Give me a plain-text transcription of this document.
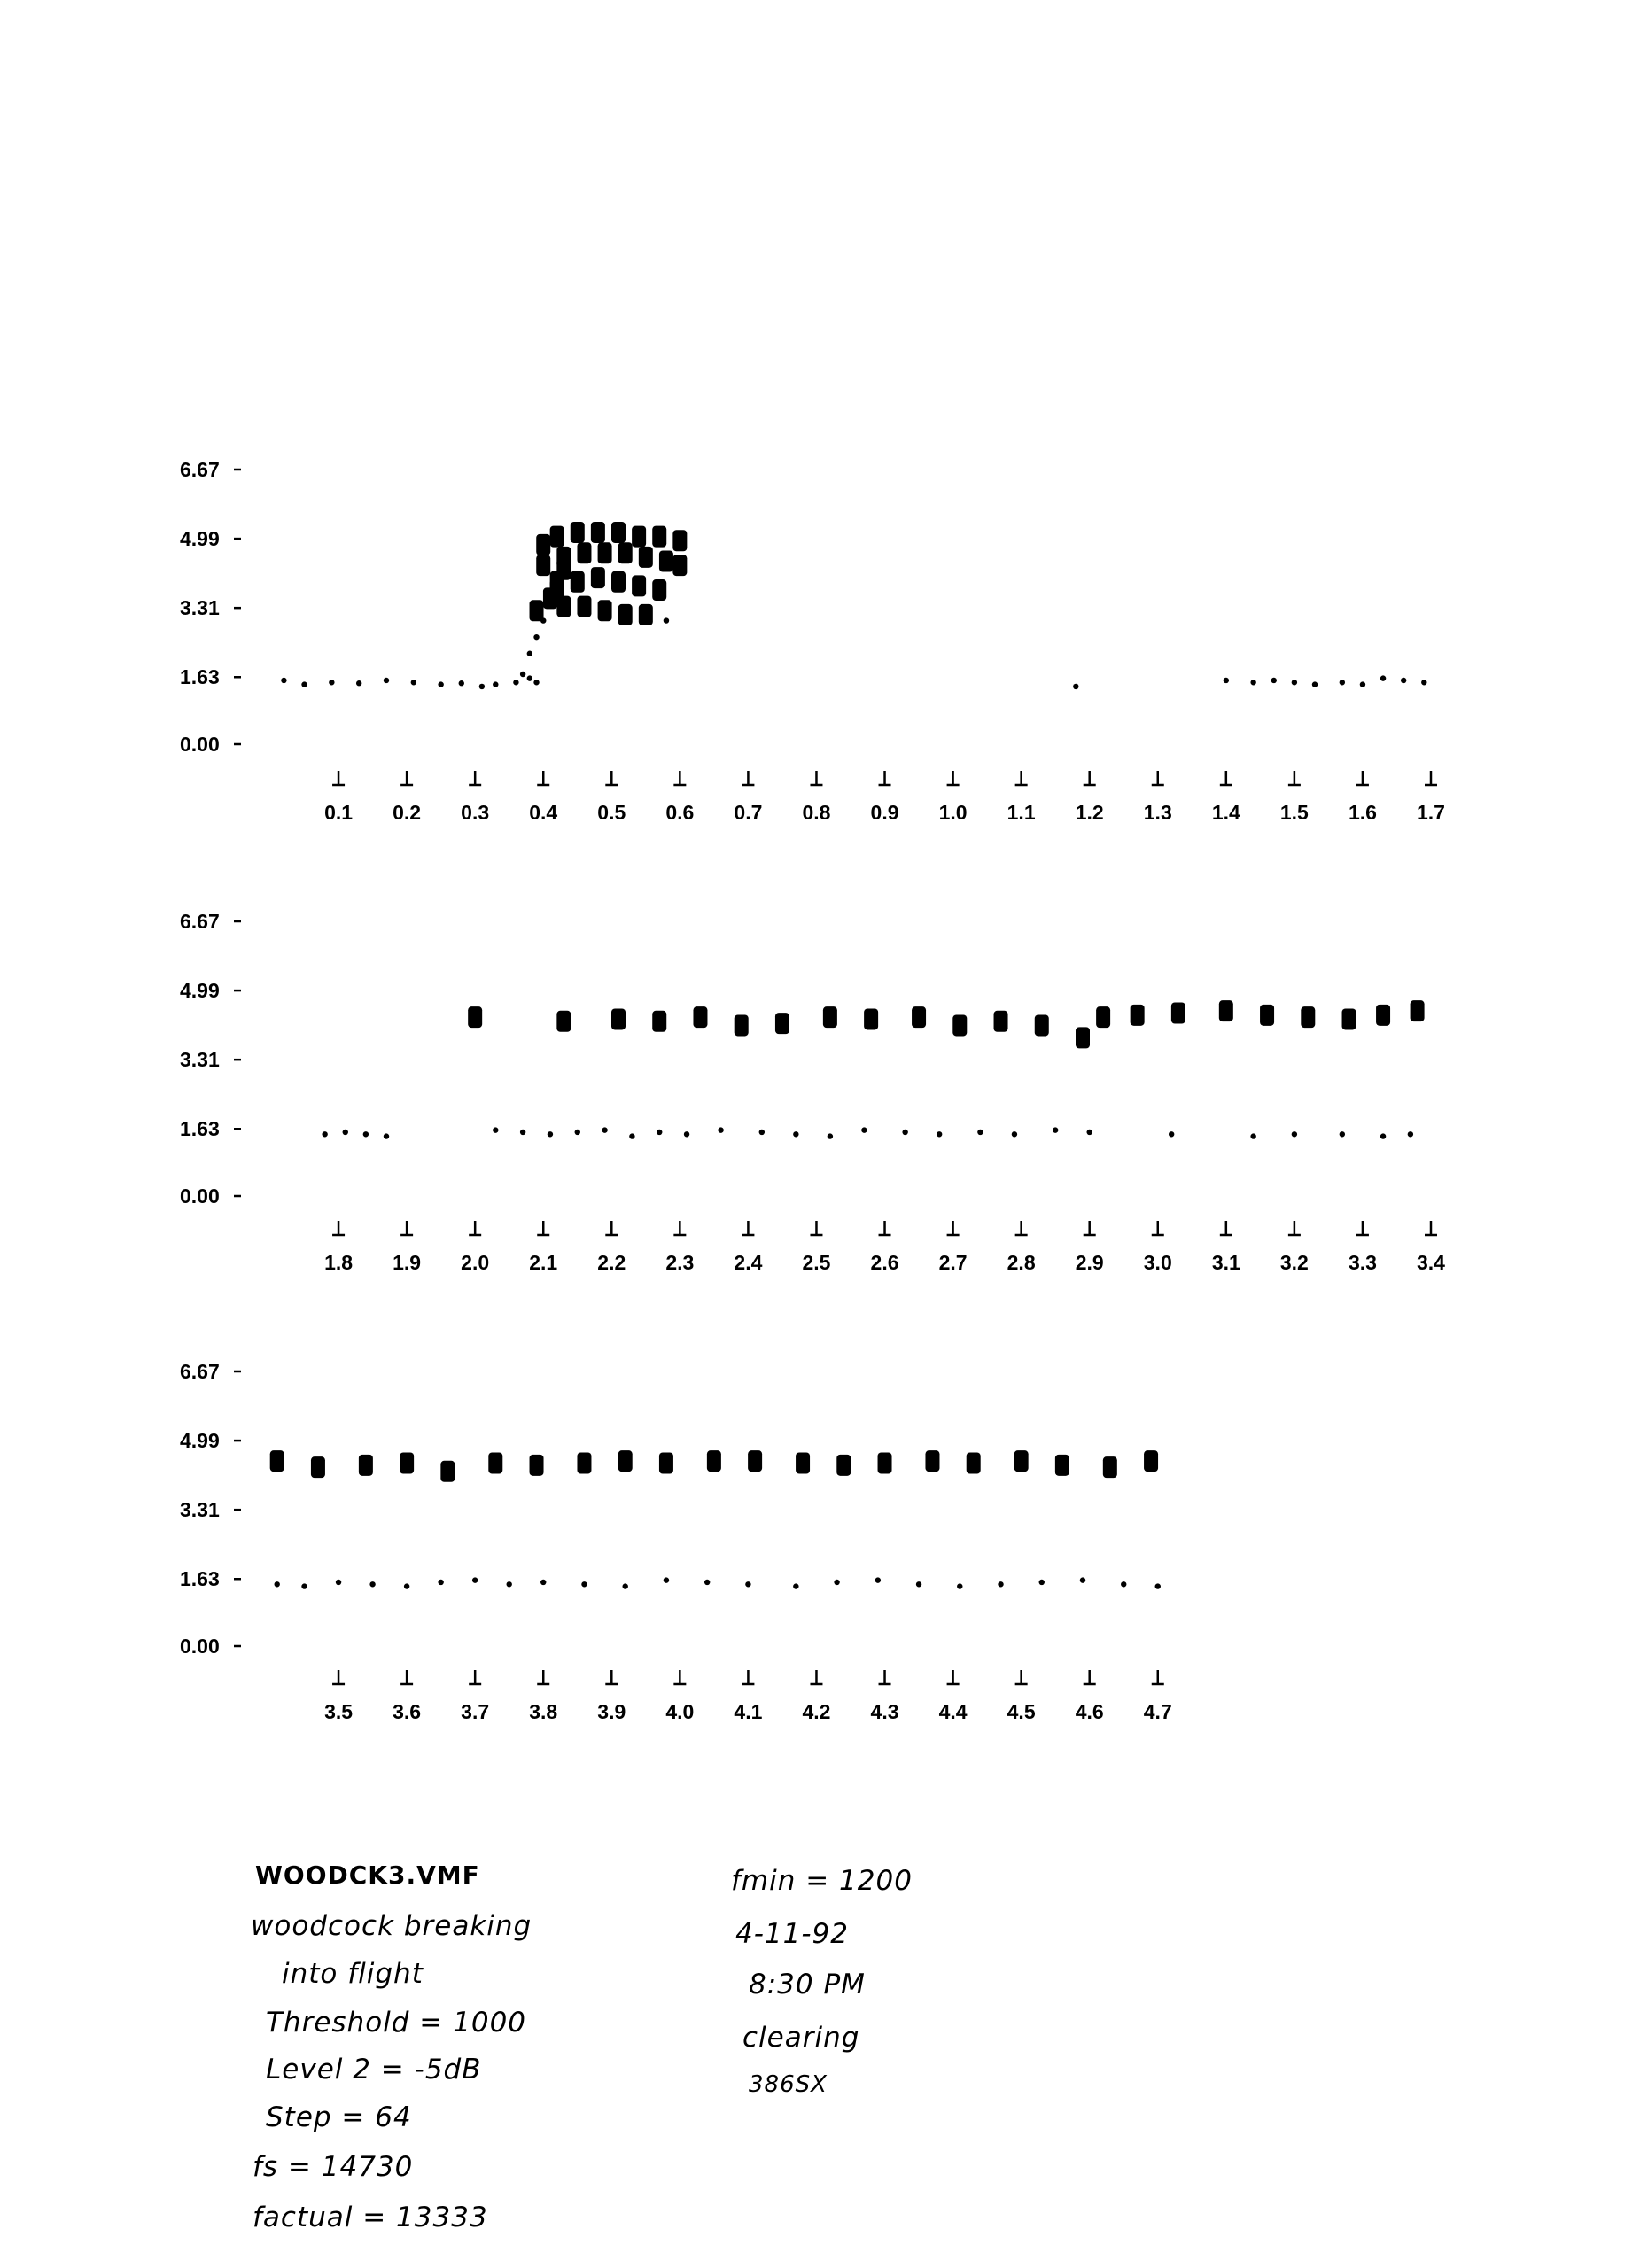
6.67
4.99
3.31
1.63
0.00
0.1 0.2 0.3 0.4 0.5 0.6 0.7 0.8 0.9 1.0 1.1 1.2 1.3 1.4 1.5 1.6 1.7
6.67
4.99
3.31
1.63
0.00
1.8 1.9 2.0 2.1 2.2 2.3 2.4 2.5 2.6 2.7 2.8 2.9 3.0 3.1 3.2 3.3 3.4
6.67
4.99
3.31
1.63
0.00
3.5 3.6 3.7 3.8 3.9 4.0 4.1 4.2 4.3 4.4 4.5 4.6 4.7
WOODCK3.VMF
woodcock breaking
into flight
Threshold = 1000
Level 2 = -5dB
Step = 64
fs = 14730
factual = 13333
fmin = 1200
4-11-92
8:30 PM
clearing
386SX
